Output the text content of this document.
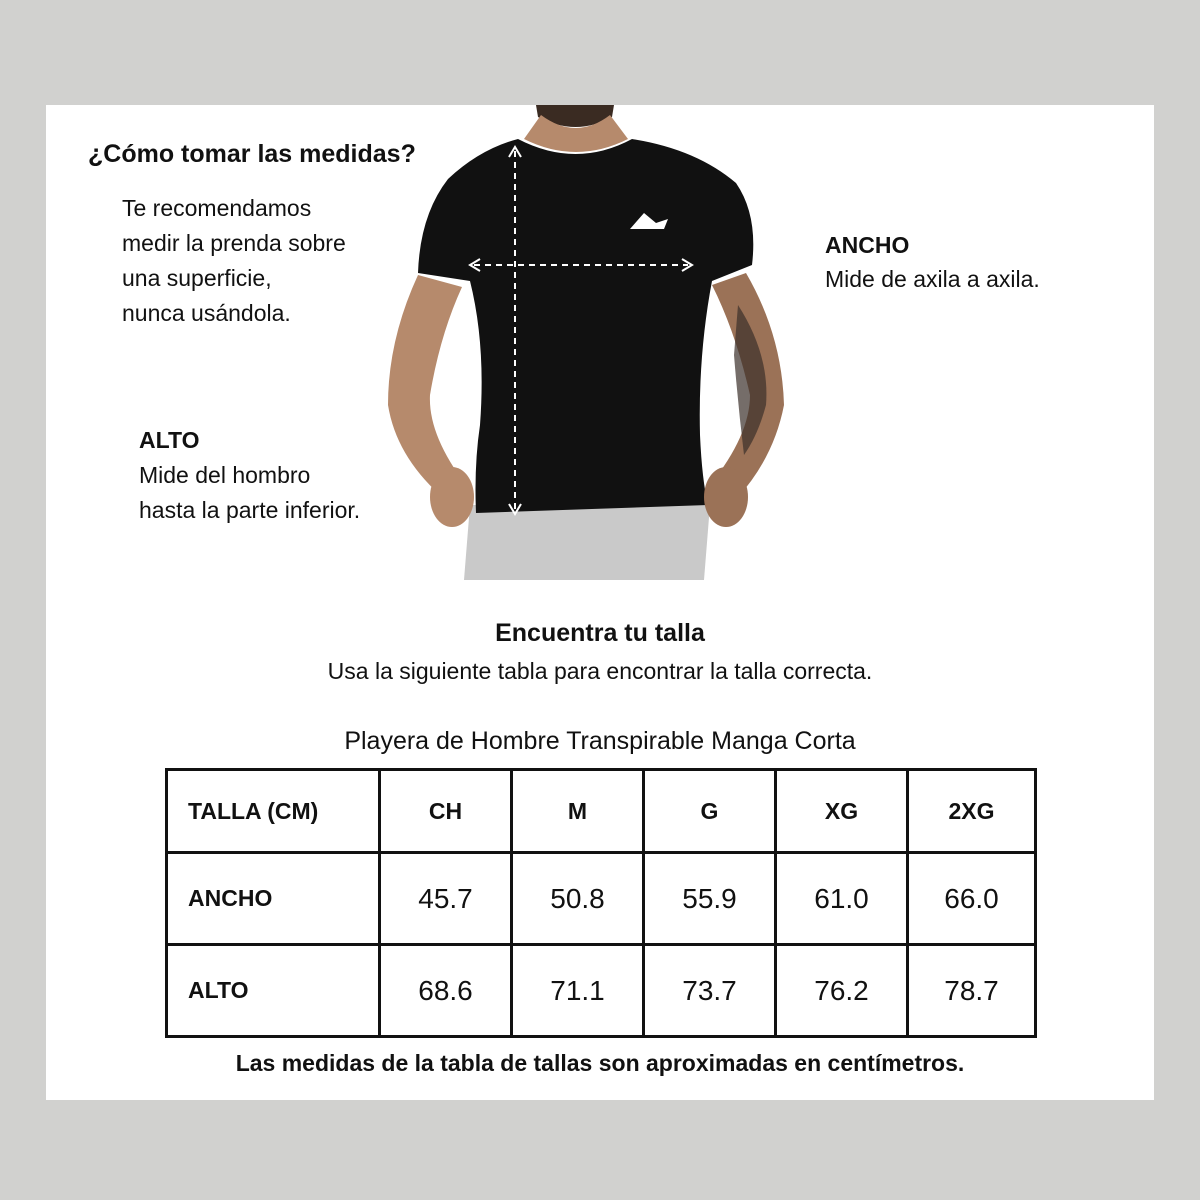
¿Cómo tomar las medidas?
Te recomendamos
medir la prenda sobre
una superficie,
nunca usándola.
ALTO
Mide del hombro
hasta la parte inferior.
ANCHO
Mide de axila a axila.
Encuentra tu talla
Usa la siguiente tabla para encontrar la talla correcta.
Playera de Hombre Transpirable Manga Corta
TALLA (CM)	CH	M	G	XG	2XG
ANCHO	45.7	50.8	55.9	61.0	66.0
ALTO	68.6	71.1	73.7	76.2	78.7
Las medidas de la tabla de tallas son aproximadas en centímetros.
